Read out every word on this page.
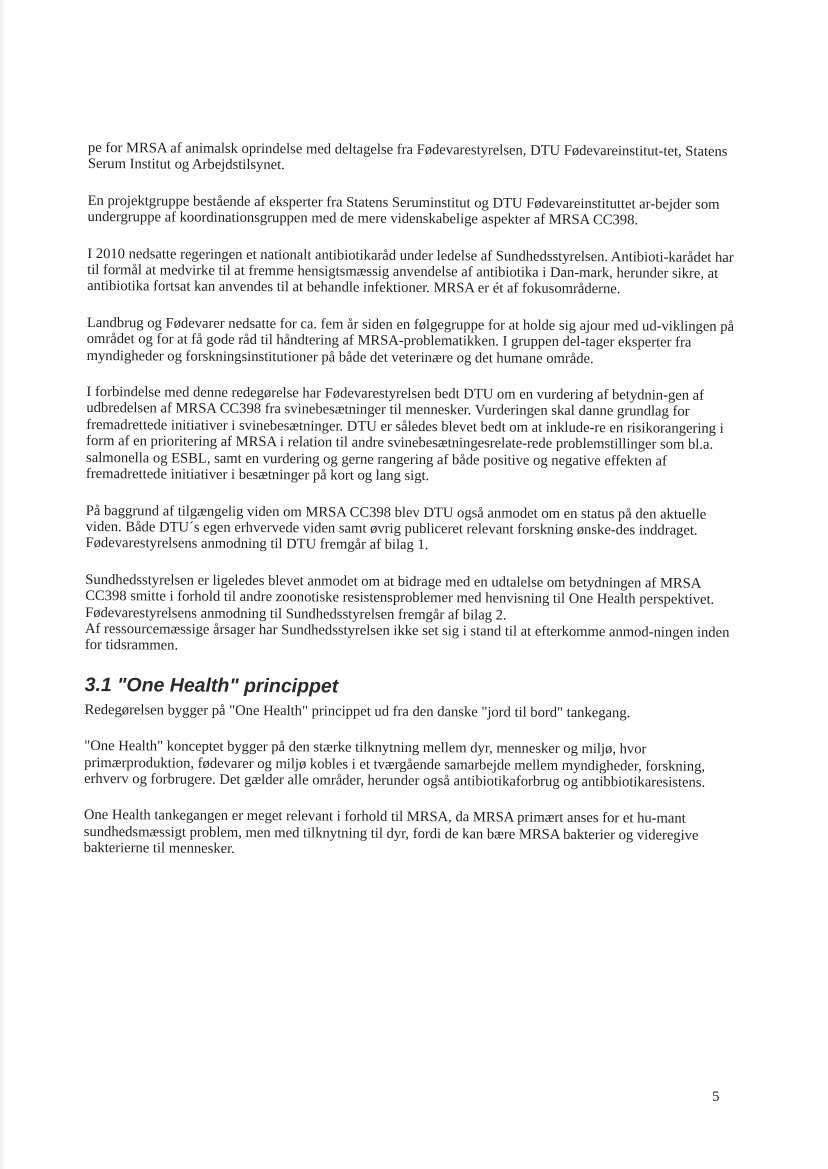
pe for MRSA af animalsk oprindelse med deltagelse fra Fødevarestyrelsen, DTU Fødevareinstitut-tet, Statens Serum Institut og Arbejdstilsynet.

En projektgruppe bestående af eksperter fra Statens Seruminstitut og DTU Fødevareinstituttet ar-bejder som undergruppe af koordinationsgruppen med de mere videnskabelige aspekter af MRSA CC398.

I 2010 nedsatte regeringen et nationalt antibiotikaråd under ledelse af Sundhedsstyrelsen. Antibioti-karådet har til formål at medvirke til at fremme hensigtsmæssig anvendelse af antibiotika i Dan-mark, herunder sikre, at antibiotika fortsat kan anvendes til at behandle infektioner. MRSA er ét af fokusområderne.

Landbrug og Fødevarer nedsatte for ca. fem år siden en følgegruppe for at holde sig ajour med ud-viklingen på området og for at få gode råd til håndtering af MRSA-problematikken. I gruppen del-tager eksperter fra myndigheder og forskningsinstitutioner på både det veterinære og det humane område.

I forbindelse med denne redegørelse har Fødevarestyrelsen bedt DTU om en vurdering af betydnin-gen af udbredelsen af MRSA CC398 fra svinebesætninger til mennesker. Vurderingen skal danne grundlag for fremadrettede initiativer i svinebesætninger. DTU er således blevet bedt om at inklude-re en risikorangering i form af en prioritering af MRSA i relation til andre svinebesætningesrelate-rede problemstillinger som bl.a. salmonella og ESBL, samt en vurdering og gerne rangering af både positive og negative effekten af fremadrettede initiativer i besætninger på kort og lang sigt.

På baggrund af tilgængelig viden om MRSA CC398 blev DTU også anmodet om en status på den aktuelle viden. Både DTU´s egen erhvervede viden samt øvrig publiceret relevant forskning ønske-des inddraget. Fødevarestyrelsens anmodning til DTU fremgår af bilag 1.

Sundhedsstyrelsen er ligeledes blevet anmodet om at bidrage med en udtalelse om betydningen af MRSA CC398 smitte i forhold til andre zoonotiske resistensproblemer med henvisning til One Health perspektivet. Fødevarestyrelsens anmodning til Sundhedsstyrelsen fremgår af bilag 2.

Af ressourcemæssige årsager har Sundhedsstyrelsen ikke set sig i stand til at efterkomme anmod-ningen inden for tidsrammen.

3.1 "One Health" princippet

Redegørelsen bygger på "One Health" princippet ud fra den danske "jord til bord" tankegang.

"One Health" konceptet bygger på den stærke tilknytning mellem dyr, mennesker og miljø, hvor primærproduktion, fødevarer og miljø kobles i et tværgående samarbejde mellem myndigheder, forskning, erhverv og forbrugere. Det gælder alle områder, herunder også antibiotikaforbrug og antibbiotikaresistens.

One Health tankegangen er meget relevant i forhold til MRSA, da MRSA primært anses for et hu-mant sundhedsmæssigt problem, men med tilknytning til dyr, fordi de kan bære MRSA bakterier og videregive bakterierne til mennesker.

5
